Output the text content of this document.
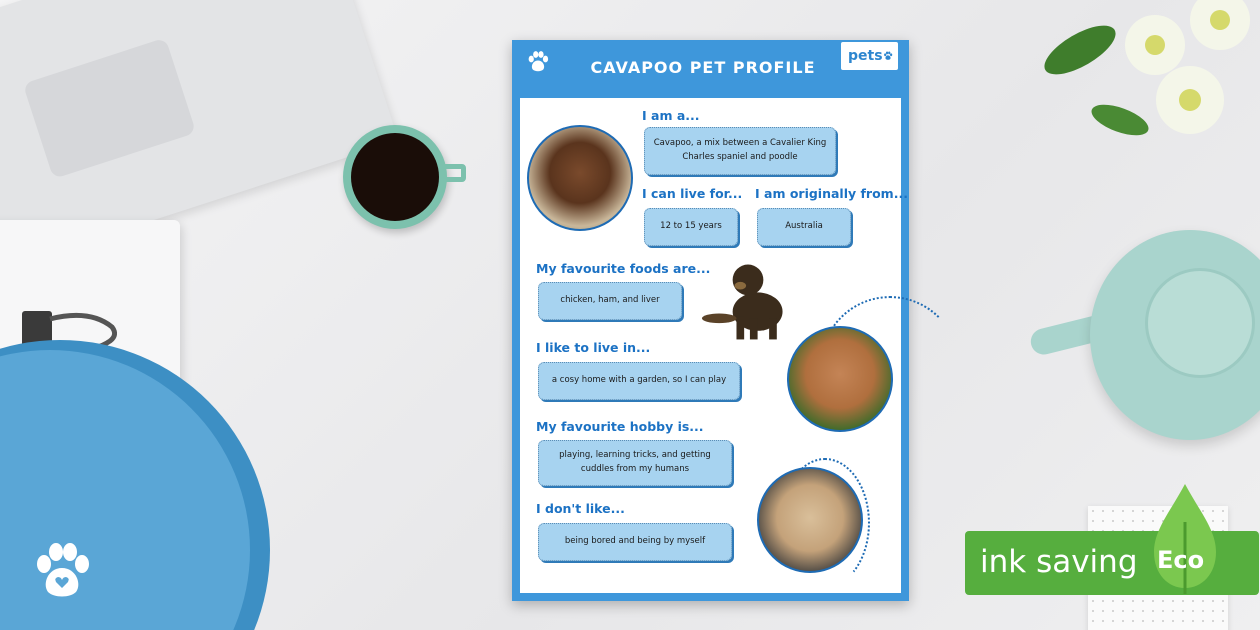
CAVAPOO PET PROFILE
pets
I am a...
Cavapoo, a mix between a Cavalier King Charles spaniel and poodle
I can live for...
12 to 15 years
I am originally from...
Australia
My favourite foods are...
chicken, ham, and liver
I like to live in...
a cosy home with a garden, so I can play
My favourite hobby is...
playing, learning tricks, and getting cuddles from my humans
I don't like...
being bored and being by myself
ink saving Eco
